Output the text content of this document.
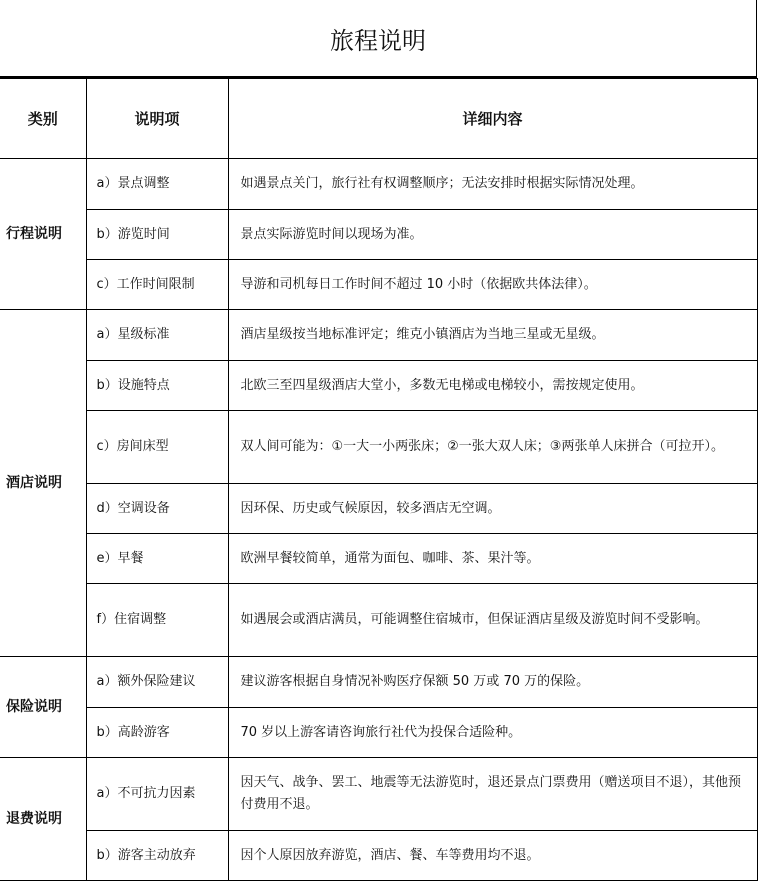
旅程说明
类别	说明项	详细内容
行程说明	a）景点调整	如遇景点关门，旅行社有权调整顺序；无法安排时根据实际情况处理。
	b）游览时间	景点实际游览时间以现场为准。
	c）工作时间限制	导游和司机每日工作时间不超过 10 小时（依据欧共体法律）。
酒店说明	a）星级标准	酒店星级按当地标准评定；维克小镇酒店为当地三星或无星级。
	b）设施特点	北欧三至四星级酒店大堂小，多数无电梯或电梯较小，需按规定使用。
	c）房间床型	双人间可能为：①一大一小两张床；②一张大双人床；③两张单人床拼合（可拉开）。
	d）空调设备	因环保、历史或气候原因，较多酒店无空调。
	e）早餐	欧洲早餐较简单，通常为面包、咖啡、茶、果汁等。
	f）住宿调整	如遇展会或酒店满员，可能调整住宿城市，但保证酒店星级及游览时间不受影响。
保险说明	a）额外保险建议	建议游客根据自身情况补购医疗保额 50 万或 70 万的保险。
	b）高龄游客	70 岁以上游客请咨询旅行社代为投保合适险种。
退费说明	a）不可抗力因素	因天气、战争、罢工、地震等无法游览时，退还景点门票费用（赠送项目不退），其他预付费用不退。
	b）游客主动放弃	因个人原因放弃游览，酒店、餐、车等费用均不退。
